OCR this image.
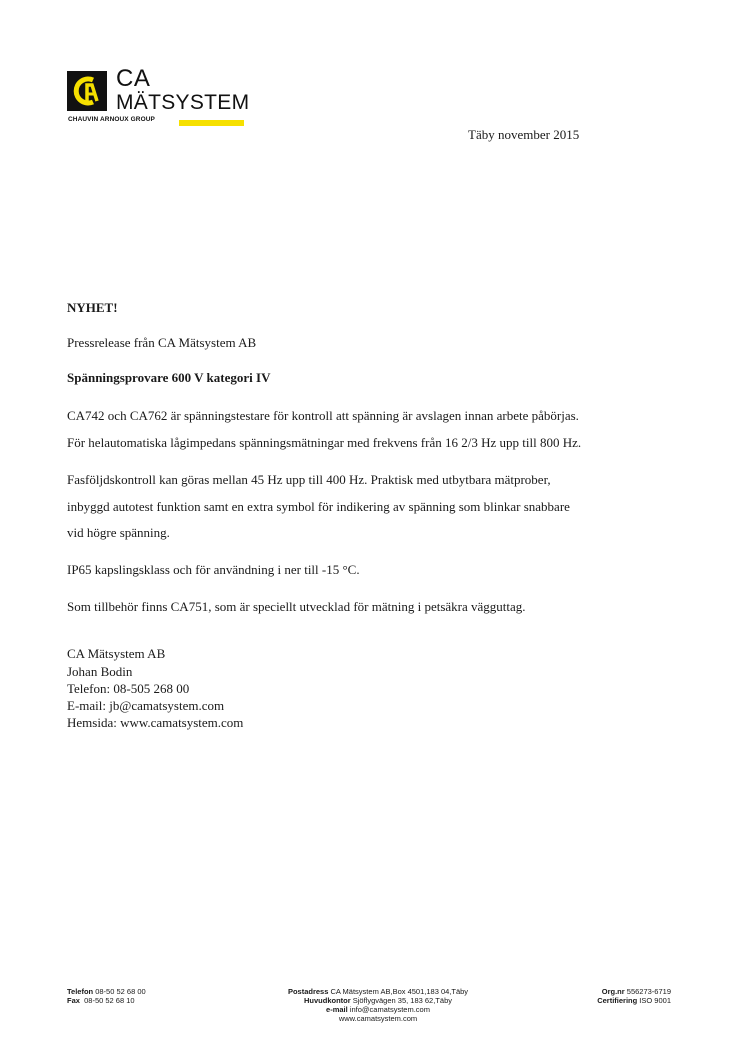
CA
MÄTSYSTEM
CHAUVIN ARNOUX GROUP
Täby november 2015

NYHET!

Pressrelease från CA Mätsystem AB

Spänningsprovare 600 V kategori IV

CA742 och CA762 är spänningstestare för kontroll att spänning är avslagen innan arbete påbörjas.

För helautomatiska lågimpedans spänningsmätningar med frekvens från 16 2/3 Hz upp till 800 Hz.

Fasföljdskontroll kan göras mellan 45 Hz upp till 400 Hz. Praktisk med utbytbara mätprober,

inbyggd autotest funktion samt en extra symbol för indikering av spänning som blinkar snabbare

vid högre spänning.

IP65 kapslingsklass och för användning i ner till -15 °C.

Som tillbehör finns CA751, som är speciellt utvecklad för mätning i petsäkra vägguttag.

CA Mätsystem AB

Johan Bodin

Telefon: 08-505 268 00

E-mail: jb@camatsystem.com

Hemsida: www.camatsystem.com

Telefon 08-50 52 68 00
Fax 08-50 52 68 10
Postadress CA Mätsystem AB,Box 4501,183 04,Täby
Huvudkontor Sjöflygvägen 35, 183 62,Täby
e-mail info@camatsystem.com
www.camatsystem.com
Org.nr 556273-6719
Certifiering ISO 9001
